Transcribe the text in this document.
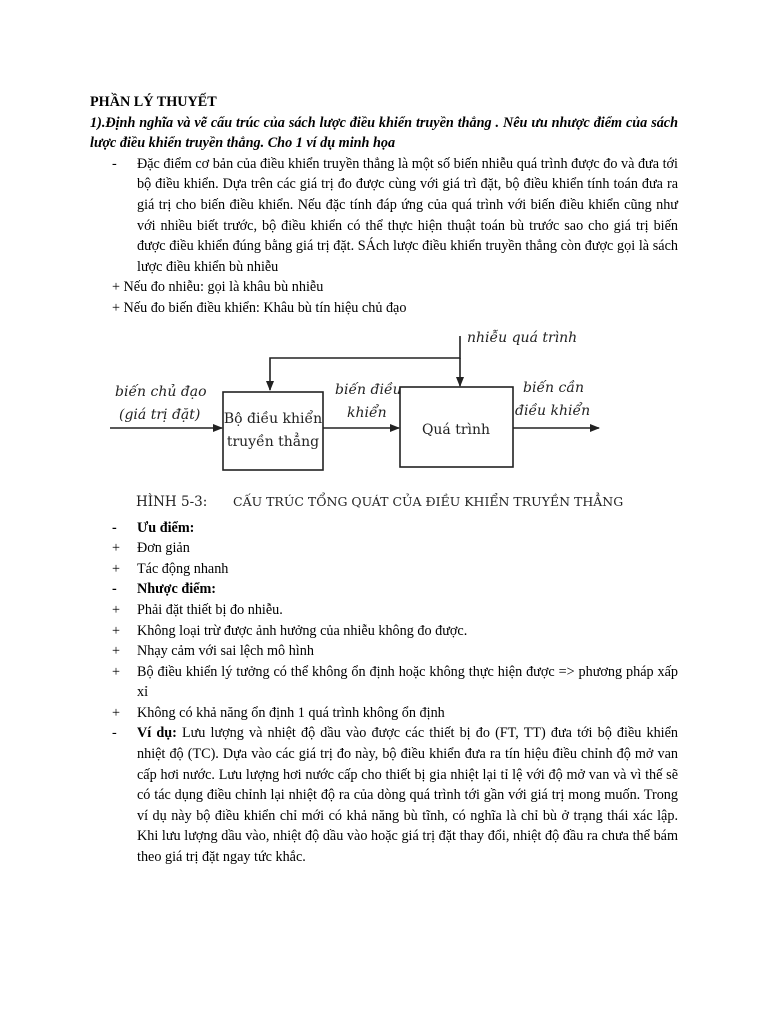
PHẦN LÝ THUYẾT
1).Định nghĩa và vẽ cấu trúc của sách lược điều khiển truyền thẳng . Nêu ưu nhược điểm của sách lược điều khiển truyền thẳng. Cho 1 ví dụ minh họa
- Đặc điểm cơ bản của điều khiển truyền thẳng là một số biến nhiễu quá trình được đo và đưa tới bộ điều khiển. Dựa trên các giá trị đo được cùng với giá trì đặt, bộ điều khiển tính toán đưa ra giá trị cho biến điều khiển. Nếu đặc tính đáp ứng của quá trình với biến điều khiển cũng như với nhiều biết trước, bộ điều khiển có thể thực hiện thuật toán bù trước sao cho giá trị biến được điều khiển đúng bằng giá trị đặt. SÁch lược điều khiển truyền thẳng còn được gọi là sách lược điều khiển bù nhiễu
+ Nếu đo nhiễu: gọi là khâu bù nhiễu
+ Nếu đo biến điều khiển: Khâu bù tín hiệu chủ đạo
nhiễu quá trình
biến chủ đạo
(giá trị đặt) Bộ điều khiển
truyền thẳng
biến điều
khiển
Quá trình
biến cần
điều khiển
HÌNH 5-3: CẤU TRÚC TỔNG QUÁT CỦA ĐIỀU KHIỂN TRUYỀN THẲNG
- Ưu điểm:
+ Đơn giản
+ Tác động nhanh
- Nhược điểm:
+ Phải đặt thiết bị đo nhiễu.
+ Không loại trừ được ảnh hưởng của nhiễu không đo được.
+ Nhạy cảm với sai lệch mô hình
+ Bộ điều khiển lý tưởng có thể không ổn định hoặc không thực hiện được => phương pháp xấp xỉ
+ Không có khả năng ổn định 1 quá trình không ổn định
- Ví dụ: Lưu lượng và nhiệt độ dầu vào được các thiết bị đo (FT, TT) đưa tới bộ điều khiển nhiệt độ (TC). Dựa vào các giá trị đo này, bộ điều khiển đưa ra tín hiệu điều chỉnh độ mở van cấp hơi nước. Lưu lượng hơi nước cấp cho thiết bị gia nhiệt lại tỉ lệ với độ mở van và vì thế sẽ có tác dụng điều chỉnh lại nhiệt độ ra của dòng quá trình tới gần với giá trị mong muốn. Trong ví dụ này bộ điều khiển chỉ mới có khả năng bù tĩnh, có nghĩa là chỉ bù ở trạng thái xác lập. Khi lưu lượng dầu vào, nhiệt độ dầu vào hoặc giá trị đặt thay đổi, nhiệt độ đầu ra chưa thể bám theo giá trị đặt ngay tức khắc.
